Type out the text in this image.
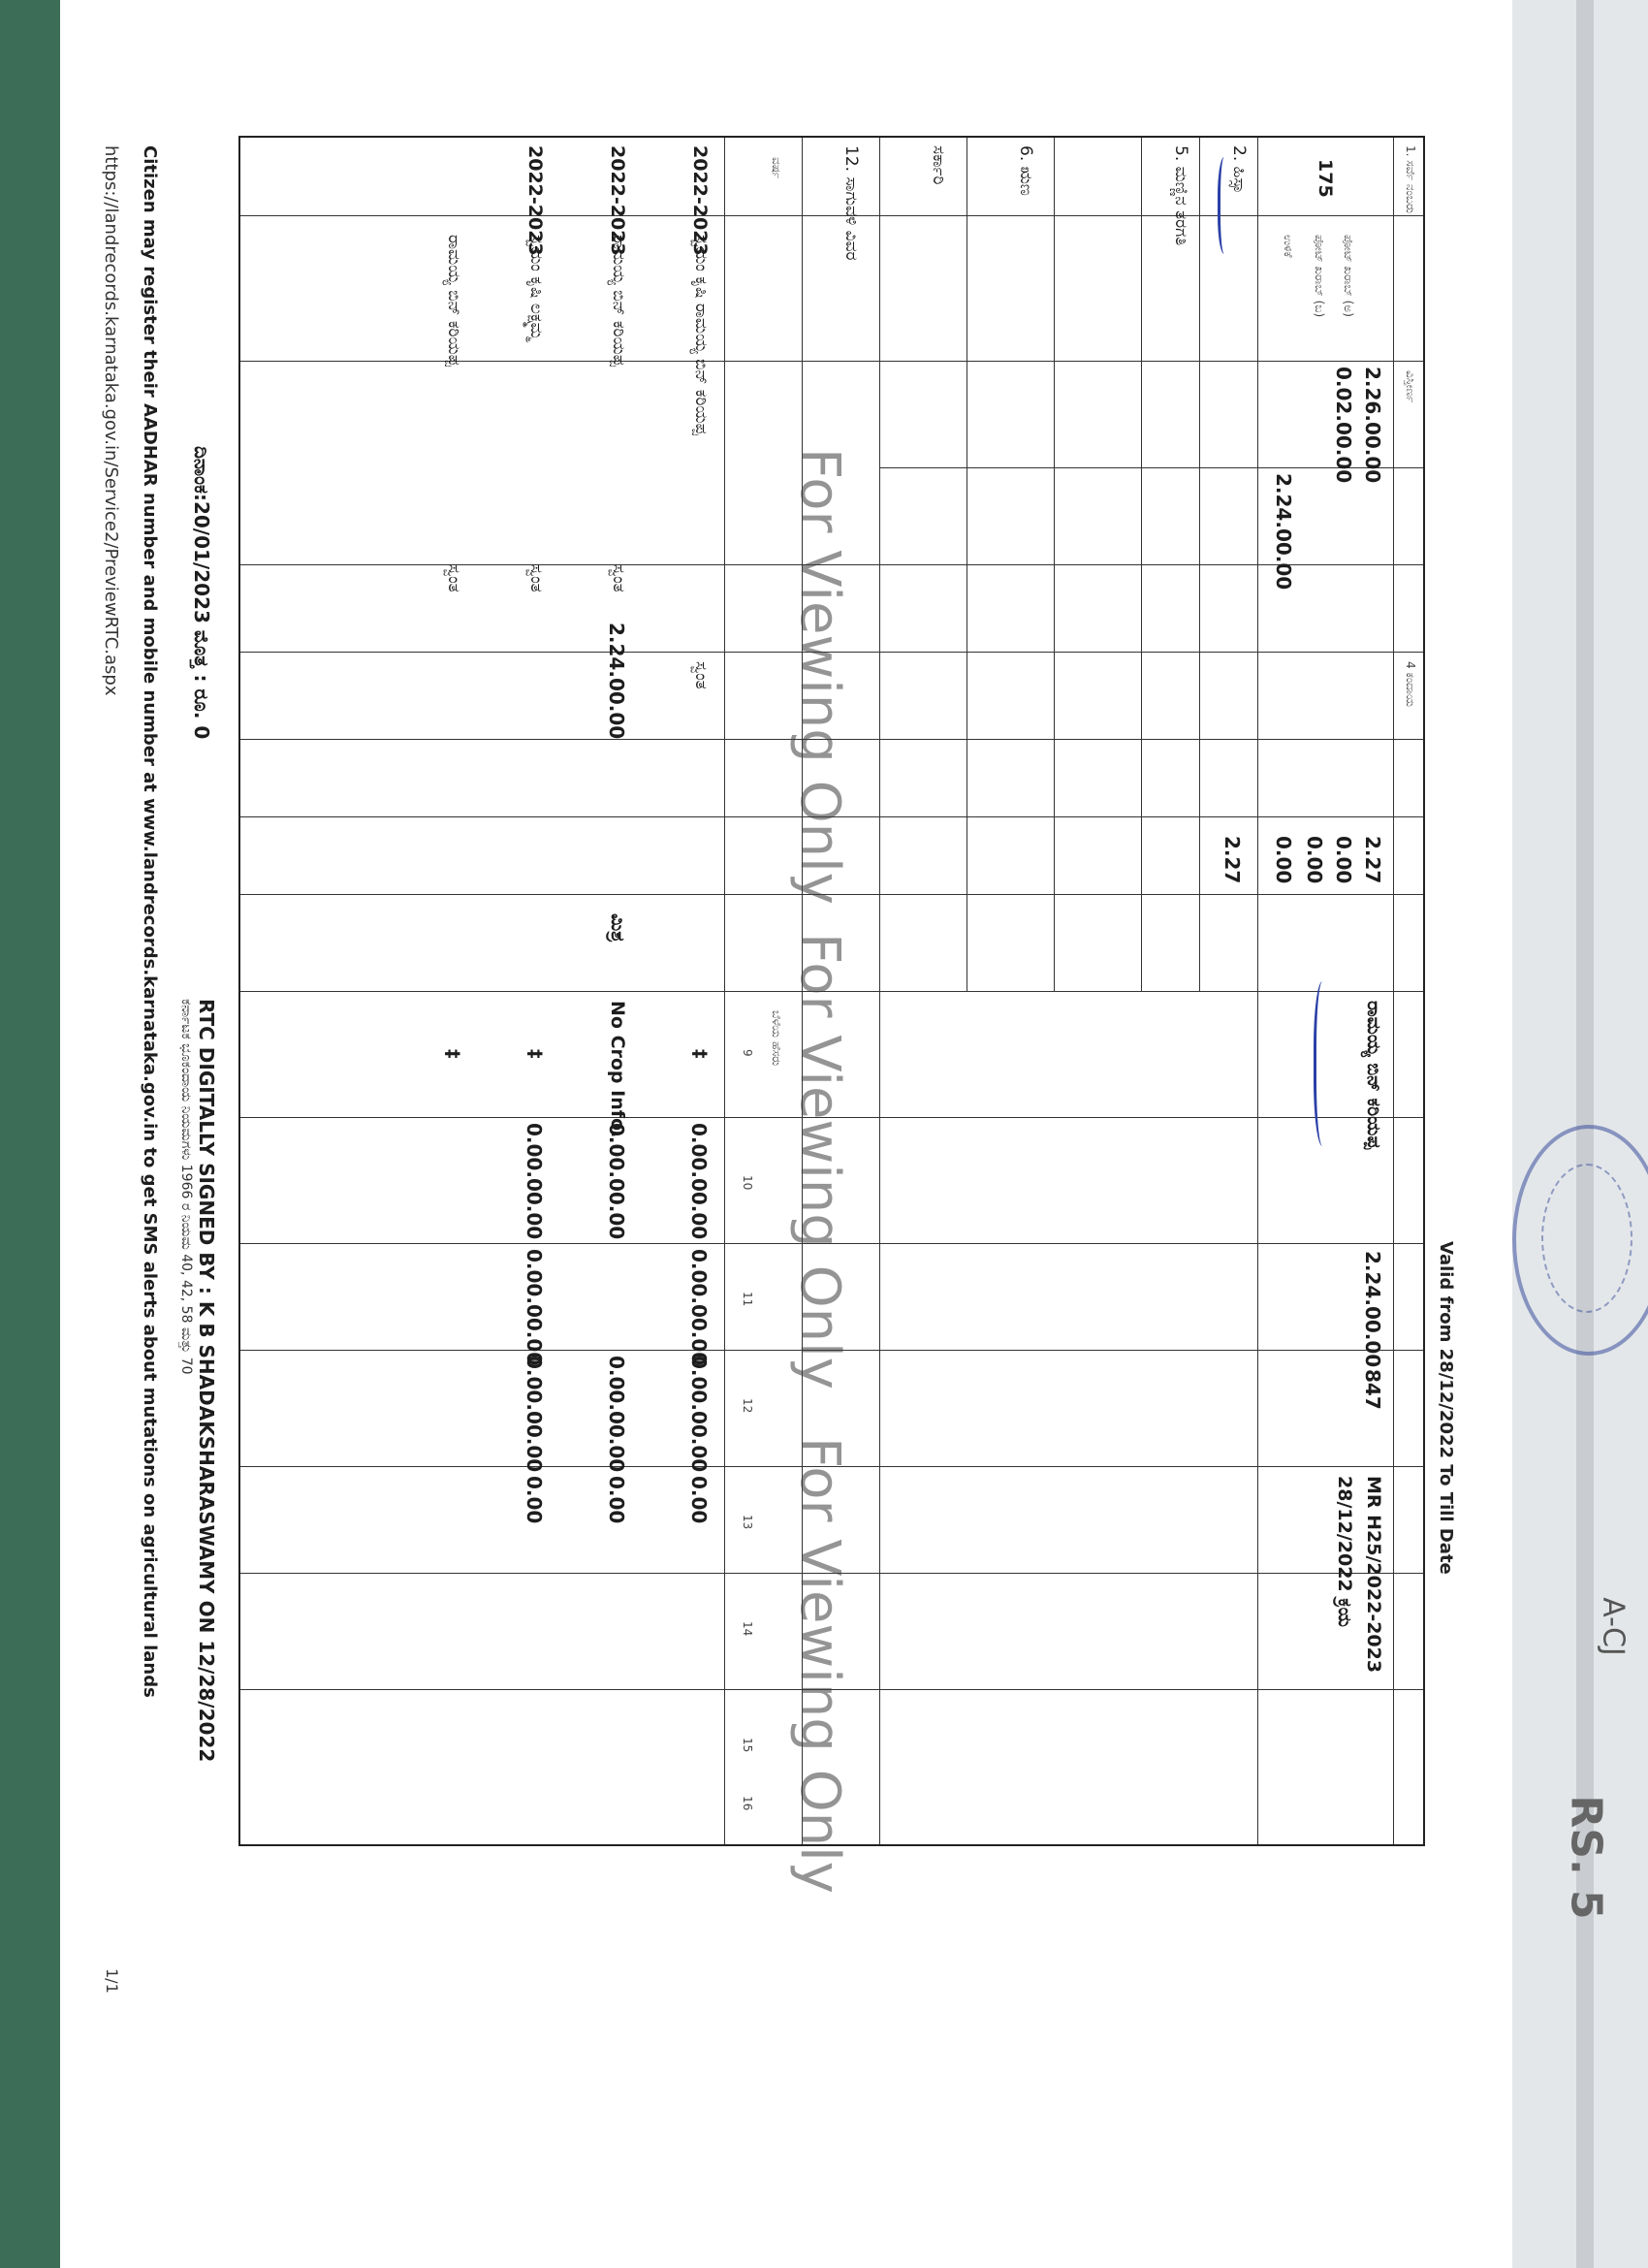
A-CJ
RS. 5
Valid from 28/12/2022 To Till Date
1. ಸರ್ವೆ ನಂಬರು
175
ವಿಸ್ತೀರ್ಣ
2.26.00.00
ಪೋಟ್ ಖರಾಬ್ (ಅ)
0.02.00.00
ಪೋಟ್ ಖರಾಬ್ (ಬ)
ಉಳಿಕೆ
2.24.00.00
4 ಕಂದಾಯ
2.27
0.00
0.00
0.00
2.27
ರಾಮಯ್ಯ ಬಿನ್ ಕರಿಯಪ್ಪ
2.24.00.00
847
MR H25/2022-2023
28/12/2022 ಕ್ರಯ
2. ಹಿಸ್ಸಾ
5. ಮಣ್ಣಿನ ತರಗತಿ
6. ಋಣ
ಸರ್ಕಾರಿ
12. ಸಾಗುವಳಿ ವಿವರ
ವರ್ಷ
ಬೆಳೆಯ ಹೆಸರು
9
10
11
12
13
14
15
16
2022-2023
ಸ್ವಯಂ ಕೃಷಿ ರಾಮಯ್ಯ ಬಿನ್ ಕರಿಯಪ್ಪ
ಸ್ವಂತ
‡
0.00.00.00
0.00.00.00
0.00.00.00
0.00
2022-2023
ರಾಮಯ್ಯ ಬಿನ್ ಕರಿಯಪ್ಪ
ಸ್ವಂತ
2.24.00.00
ಮಿಶ್ರ
No Crop Info.
0.00.00.00
0.00.00.00
0.00
2022-2023
ಸ್ವಯಂ ಕೃಷಿ ಲಕ್ಷ್ಮಮ್ಮ
ಸ್ವಂತ
‡
0.00.00.00
0.00.00.00
0.00.00.00
0.00
ರಾಮಯ್ಯ ಬಿನ್ ಕರಿಯಪ್ಪ
ಸ್ವಂತ
‡
For Viewing Only
For Viewing Only
For Viewing Only
ದಿನಾಂಕ:20/01/2023 ಮೊತ್ತ : ರೂ. 0
ಕರ್ನಾಟಕ ಭೂಕಂದಾಯ ನಿಯಮಗಳು 1966 ರ ನಿಯಮ 40, 42, 58 ಮತ್ತು 70 RTC DIGITALLY SIGNED BY : K B SHADAKSHARASWAMY ON 12/28/2022
Citizen may register their AADHAR number and mobile number at www.landrecords.karnataka.gov.in to get SMS alerts about mutations on agricultural lands
https://landrecords.karnataka.gov.in/Service2/PreviewRTC.aspx
1/1
